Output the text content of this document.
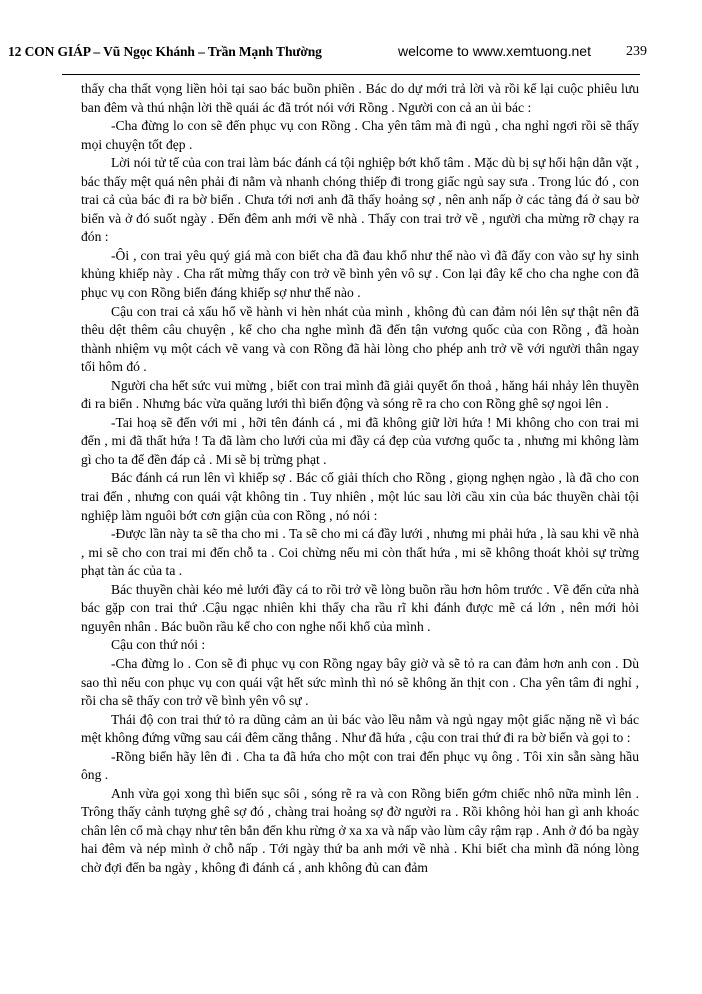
12 CON GIÁP – Vũ Ngọc Khánh – Trần Mạnh Thường	welcome to www.xemtuong.net	239

thấy cha thất vọng liền hỏi tại sao bác buồn phiền . Bác do dự mới trả lời và rồi kể lại cuộc phiêu lưu ban đêm và thú nhận lời thề quái ác đã trót nói với Rồng . Người con cả an ủi bác :

-Cha đừng lo con sẽ đến phục vụ con Rồng . Cha yên tâm mà đi ngủ , cha nghỉ ngơi rồi sẽ thấy mọi chuyện tốt đẹp .

Lời nói tử tế của con trai làm bác đánh cá tội nghiệp bớt khổ tâm . Mặc dù bị sự hối hận dằn vặt , bác thấy mệt quá nên phải đi nằm và nhanh chóng thiếp đi trong giấc ngủ say sưa . Trong lúc đó , con trai cả của bác đi ra bờ biển . Chưa tới nơi anh đã thấy hoảng sợ , nên anh nấp ở các tảng đá ở sau bờ biển và ở đó suốt ngày . Đến đêm anh mới về nhà . Thấy con trai trở về , người cha mừng rỡ chạy ra đón :

-Ôi , con trai yêu quý giá mà con biết cha đã đau khổ như thế nào vì đã đẩy con vào sự hy sinh khủng khiếp này . Cha rất mừng thấy con trở về bình yên vô sự . Con lại đây kể cho cha nghe con đã phục vụ con Rồng biển đáng khiếp sợ như thế nào .

Cậu con trai cả xấu hổ về hành vi hèn nhát của mình , không đủ can đảm nói lên sự thật nên đã thêu dệt thêm câu chuyện , kể cho cha nghe mình đã đến tận vương quốc của con Rồng , đã hoàn thành nhiệm vụ một cách vẽ vang và con Rồng đã hài lòng cho phép anh trở về với người thân ngay tối hôm đó .

Người cha hết sức vui mừng , biết con trai mình đã giải quyết ổn thoả , hăng hái nhảy lên thuyền đi ra biển . Nhưng bác vừa quăng lưới thì biển động và sóng rẽ ra cho con Rồng ghê sợ ngoi lên .

-Tai hoạ sẽ đến với mi , hỡi tên đánh cá , mi đã không giữ lời hứa ! Mi không cho con trai mi đến , mi đã thất hứa ! Ta đã làm cho lưới của mi đầy cá đẹp của vương quốc ta , nhưng mi không làm gì cho ta để đền đáp cả . Mi sẽ bị trừng phạt .

Bác đánh cá run lên vì khiếp sợ . Bác cố giải thích cho Rồng , giọng nghẹn ngào , là đã cho con trai đến , nhưng con quái vật không tin . Tuy nhiên , một lúc sau lời cầu xin của bác thuyền chài tội nghiệp làm nguôi bớt cơn giận của con Rồng , nó nói :

-Được lần này ta sẽ tha cho mi . Ta sẽ cho mi cá đầy lưới , nhưng mi phải hứa , là sau khi về nhà , mi sẽ cho con trai mi đến chỗ ta . Coi chừng nếu mi còn thất hứa , mi sẽ không thoát khỏi sự trừng phạt tàn ác của ta .

Bác thuyền chài kéo mẻ lưới đầy cá to rồi trở về lòng buồn rầu hơn hôm trước . Về đến cửa nhà bác gặp con trai thứ .Cậu ngạc nhiên khi thấy cha rầu rĩ khi đánh được mẽ cá lớn , nên mới hỏi nguyên nhân . Bác buồn rầu kể cho con nghe nổi khổ của mình .

Cậu con thứ nói :

-Cha đừng lo . Con sẽ đi phục vụ con Rồng ngay bây giờ và sẽ tỏ ra can đảm hơn anh con . Dù sao thì nếu con phục vụ con quái vật hết sức mình thì nó sẽ không ăn thịt con . Cha yên tâm đi nghỉ , rồi cha sẽ thấy con trở về bình yên vô sự .

Thái độ con trai thứ tỏ ra dũng cảm an ủi bác vào lều nằm và ngủ ngay một giấc nặng nề vì bác mệt không đứng vững sau cái đêm căng thẳng . Như đã hứa , cậu con trai thứ đi ra bờ biển và gọi to :

-Rồng biển hãy lên đi . Cha ta đã hứa cho một con trai đến phục vụ ông . Tôi xin sẵn sàng hầu ông .

Anh vừa gọi xong thì biển sục sôi , sóng rẽ ra và con Rồng biển gớm chiếc nhô nữa mình lên . Trông thấy cảnh tượng ghê sợ đó , chàng trai hoảng sợ đờ người ra . Rồi không hỏi han gì anh khoác chân lên cổ mà chạy như tên bắn đến khu rừng ở xa xa và nấp vào lùm cây rậm rạp . Anh ở đó ba ngày hai đêm và nép mình ở chỗ nấp . Tới ngày thứ ba anh mới về nhà . Khi biết cha mình đã nóng lòng chờ đợi đến ba ngày , không đi đánh cá , anh không đủ can đảm
